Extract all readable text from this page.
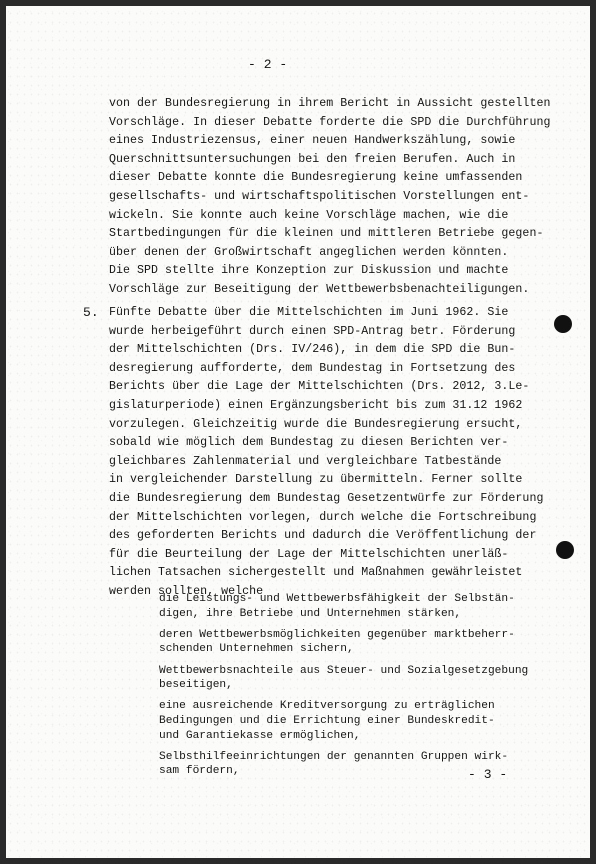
- 2 -

von der Bundesregierung in ihrem Bericht in Aussicht gestellten
Vorschläge. In dieser Debatte forderte die SPD die Durchführung
eines Industriezensus, einer neuen Handwerkszählung, sowie
Querschnittsuntersuchungen bei den freien Berufen. Auch in
dieser Debatte konnte die Bundesregierung keine umfassenden
gesellschafts- und wirtschaftspolitischen Vorstellungen ent-
wickeln. Sie konnte auch keine Vorschläge machen, wie die
Startbedingungen für die kleinen und mittleren Betriebe gegen-
über denen der Großwirtschaft angeglichen werden könnten.
Die SPD stellte ihre Konzeption zur Diskussion und machte
Vorschläge zur Beseitigung der Wettbewerbsbenachteiligungen.

5. Fünfte Debatte über die Mittelschichten im Juni 1962. Sie
wurde herbeigeführt durch einen SPD-Antrag betr. Förderung
der Mittelschichten (Drs. IV/246), in dem die SPD die Bun-
desregierung aufforderte, dem Bundestag in Fortsetzung des
Berichts über die Lage der Mittelschichten (Drs. 2012, 3.Le-
gislaturperiode) einen Ergänzungsbericht bis zum 31.12 1962
vorzulegen. Gleichzeitig wurde die Bundesregierung ersucht,
sobald wie möglich dem Bundestag zu diesen Berichten ver-
gleichbares Zahlenmaterial und vergleichbare Tatbestände
in vergleichender Darstellung zu übermitteln. Ferner sollte
die Bundesregierung dem Bundestag Gesetzentwürfe zur Förderung
der Mittelschichten vorlegen, durch welche die Fortschreibung
des geforderten Berichts und dadurch die Veröffentlichung der
für die Beurteilung der Lage der Mittelschichten unerläß-
lichen Tatsachen sichergestellt und Maßnahmen gewährleistet
werden sollten, welche

die Leistungs- und Wettbewerbsfähigkeit der Selbstän-
digen, ihre Betriebe und Unternehmen stärken,
deren Wettbewerbsmöglichkeiten gegenüber marktbeherr-
schenden Unternehmen sichern,
Wettbewerbsnachteile aus Steuer- und Sozialgesetzgebung
beseitigen,
eine ausreichende Kreditversorgung zu erträglichen
Bedingungen und die Errichtung einer Bundeskredit-
und Garantiekasse ermöglichen,
Selbsthilfeeinrichtungen der genannten Gruppen wirk-
sam fördern,	- 3 -
